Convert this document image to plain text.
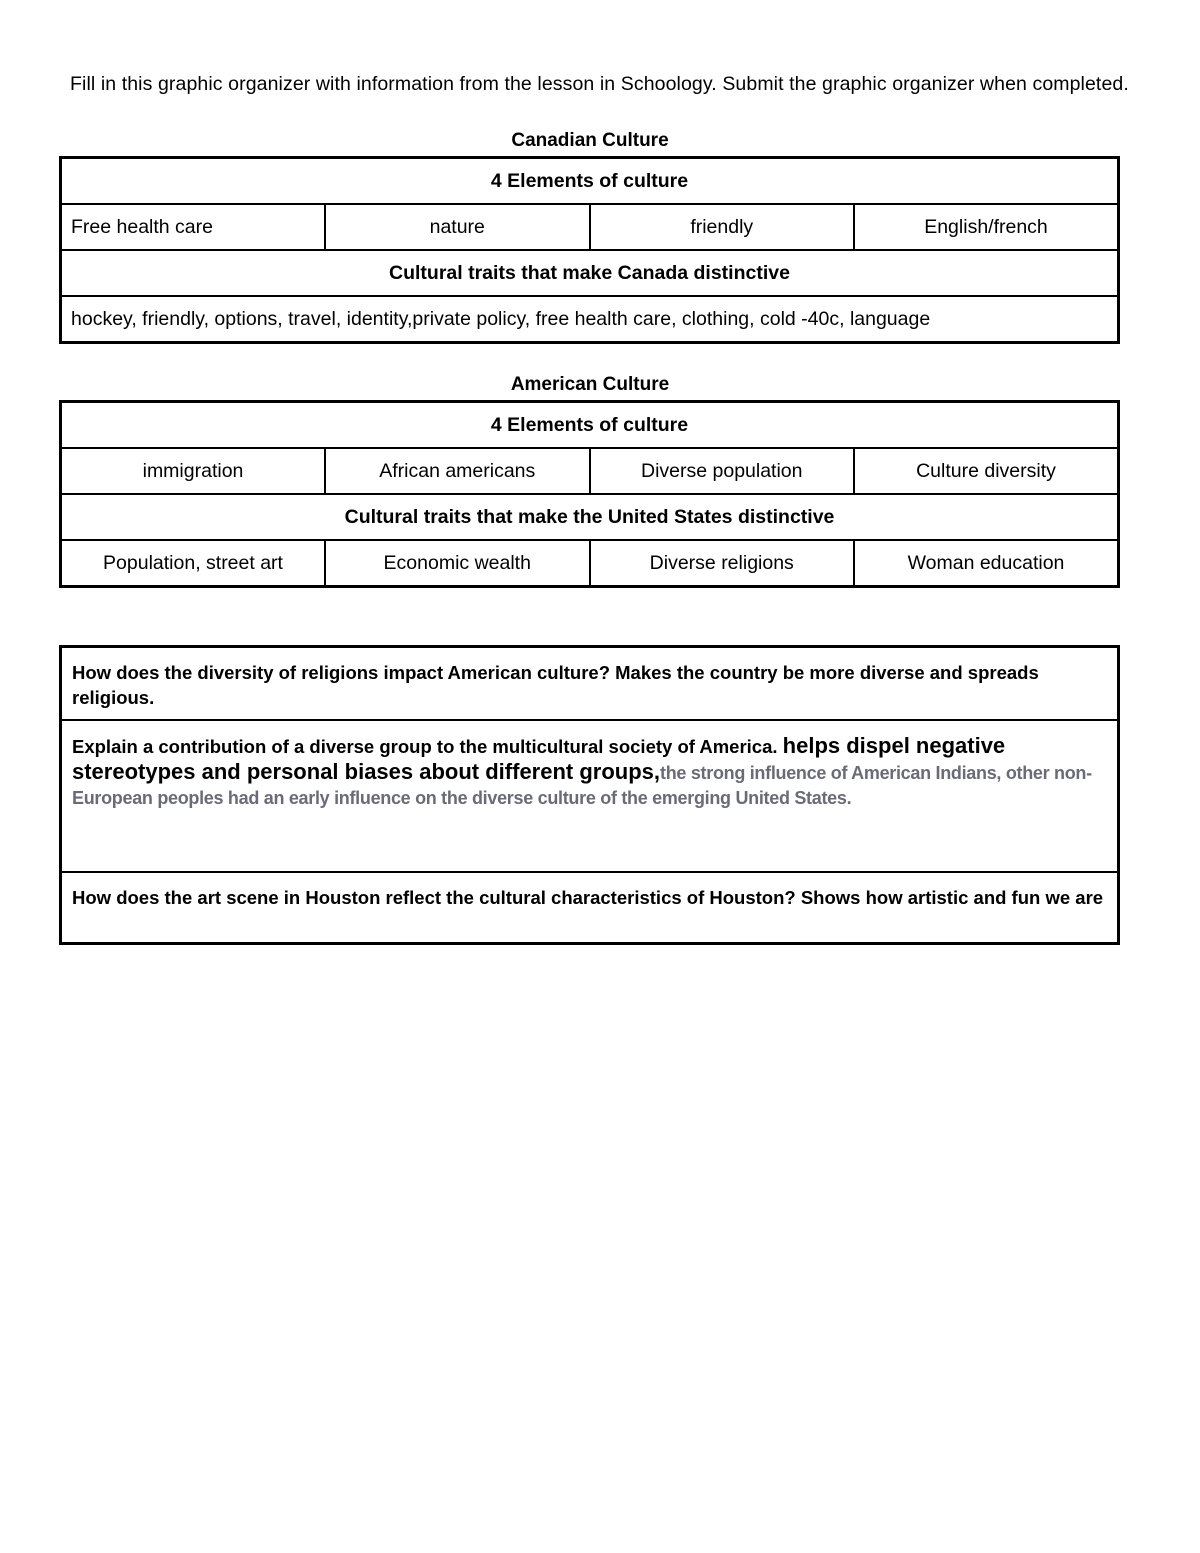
Fill in this graphic organizer with information from the lesson in Schoology. Submit the graphic organizer when completed.
Canadian Culture
4 Elements of culture
Free health care	nature	friendly	English/french
Cultural traits that make Canada distinctive
hockey, friendly, options, travel, identity,private policy, free health care, clothing, cold -40c, language
American Culture
4 Elements of culture			
immigration	African americans	Diverse population	Culture diversity
Cultural traits that make the United States distinctive			
Population, street art	Economic wealth	Diverse religions	Woman education
How does the diversity of religions impact American culture? Makes the country be more diverse and spreads religious.
Explain a contribution of a diverse group to the multicultural society of America. helps dispel negative stereotypes and personal biases about different groups,the strong influence of American Indians, other non-European peoples had an early influence on the diverse culture of the emerging United States.
How does the art scene in Houston reflect the cultural characteristics of Houston? Shows how artistic and fun we are
